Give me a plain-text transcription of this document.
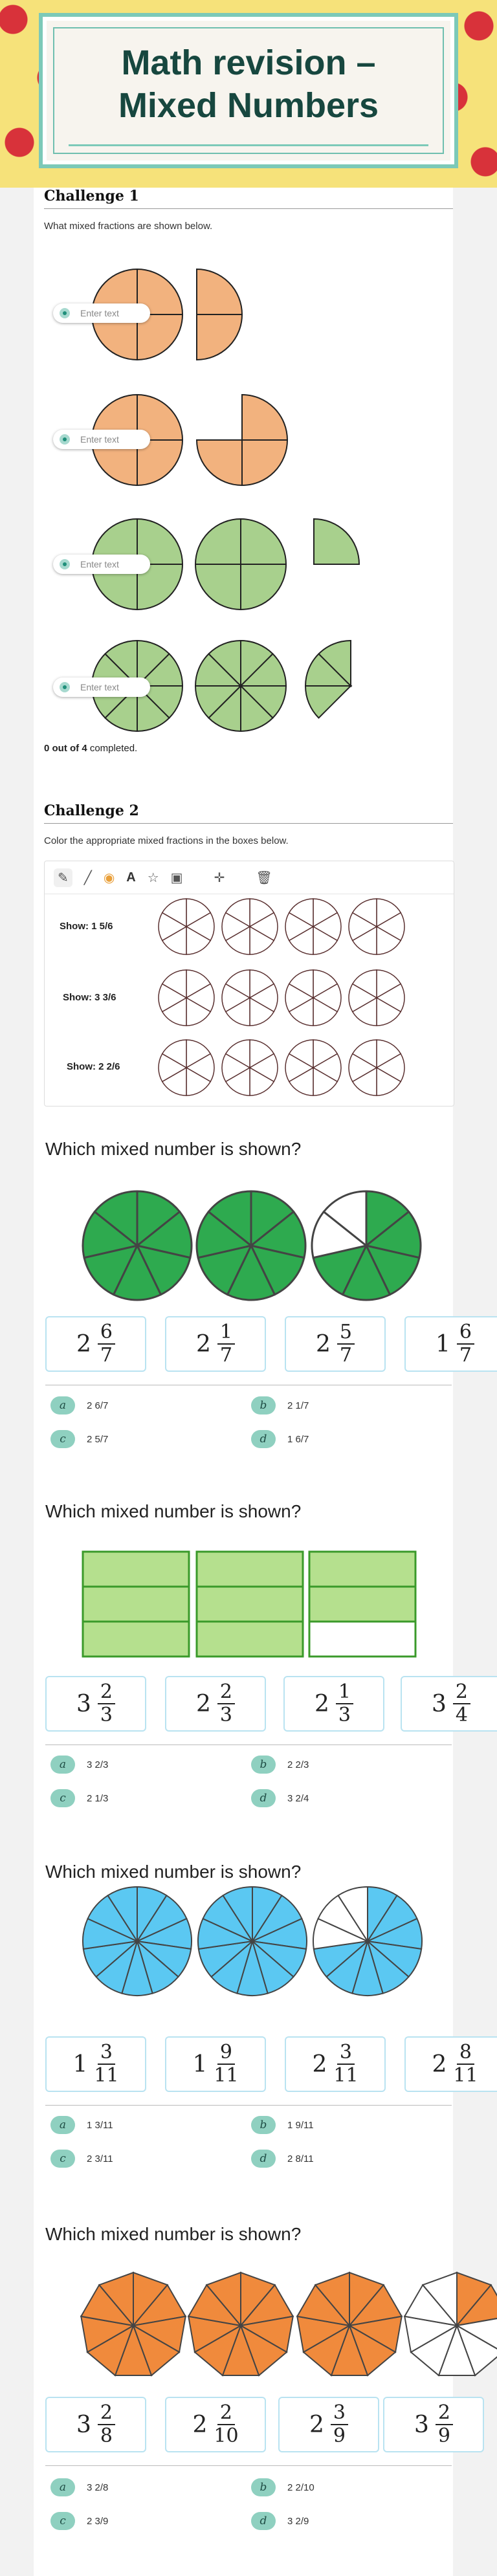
Math revision –
Mixed Numbers
Challenge 1
What mixed fractions are shown below.
Enter text
Enter text
Enter text
Enter text
0 out of 4 completed.
Challenge 2
Color the appropriate mixed fractions in the boxes below.
✎	╱ ◉ A ☆ ▣ ✛ 🗑
Show: 1 5/6
Show: 3 3/6
Show: 2 2/6
Which mixed number is shown?
$2 \frac{6}{7}$	$2 \frac{1}{7}$	$2 \frac{5}{7}$	$1 \frac{6}{7}$
a	2 6/7	b	2 1/7
c	2 5/7	d	1 6/7
Which mixed number is shown?
$3 \frac{2}{3}$	$2 \frac{2}{3}$	$2 \frac{1}{3}$	$3 \frac{2}{4}$
a	3 2/3	b	2 2/3
c	2 1/3	d	3 2/4
Which mixed number is shown?
$1 \frac{3}{11}$	$1 \frac{9}{11}$	$2 \frac{3}{11}$	$2 \frac{8}{11}$
a	1 3/11	b	1 9/11
c	2 3/11	d	2 8/11
Which mixed number is shown?
$3 \frac{2}{8}$	$2 \frac{2}{10}$	$2 \frac{3}{9}$	$3 \frac{2}{9}$
a	3 2/8	b	2 2/10
c	2 3/9	d	3 2/9
